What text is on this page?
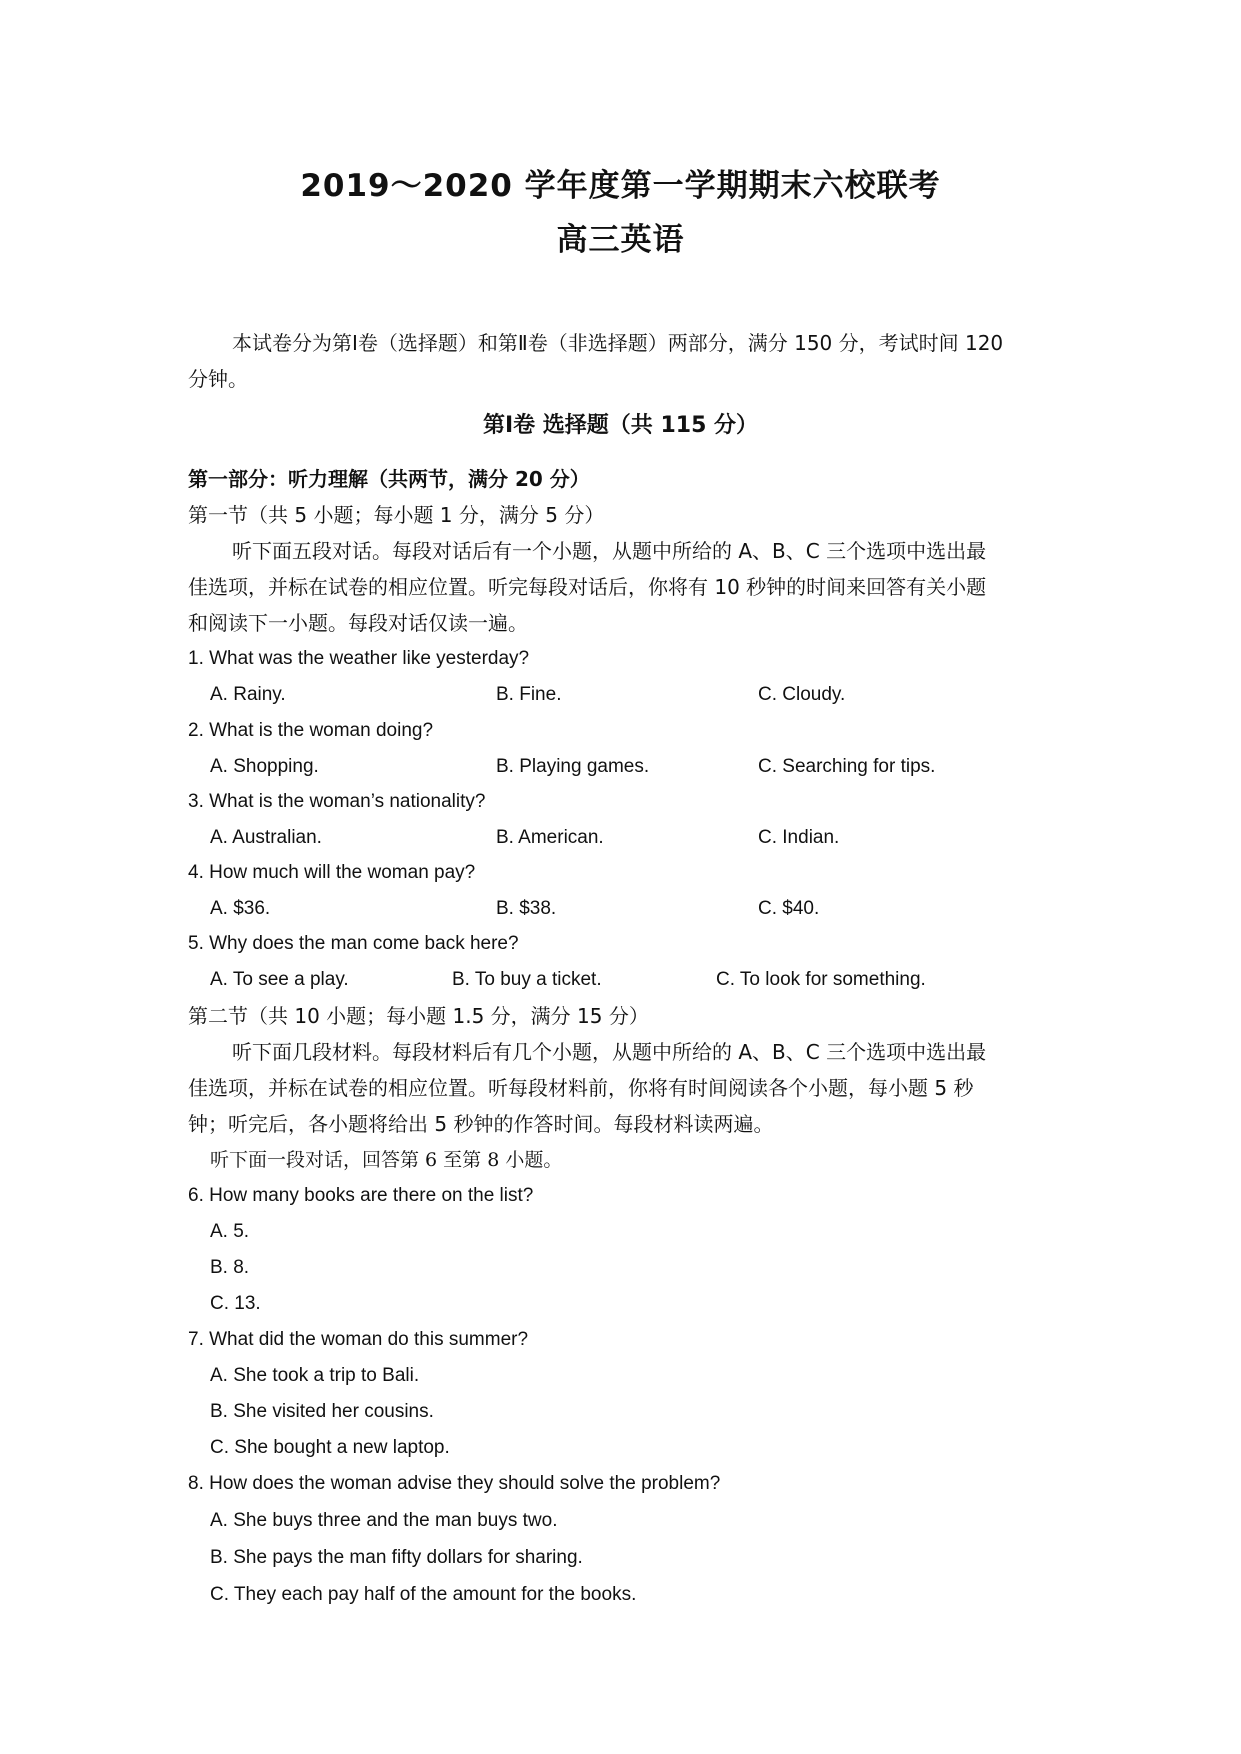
2019～2020 学年度第一学期期末六校联考
高三英语
本试卷分为第Ⅰ卷（选择题）和第Ⅱ卷（非选择题）两部分，满分 150 分，考试时间 120
分钟。
第Ⅰ卷 选择题（共 115 分）
第一部分：听力理解（共两节，满分 20 分）
第一节（共 5 小题；每小题 1 分，满分 5 分）
听下面五段对话。每段对话后有一个小题，从题中所给的 A、B、C 三个选项中选出最
佳选项，并标在试卷的相应位置。听完每段对话后，你将有 10 秒钟的时间来回答有关小题
和阅读下一小题。每段对话仅读一遍。
1. What was the weather like yesterday?
A. Rainy.	B. Fine.	C. Cloudy.
2. What is the woman doing?
A. Shopping.	B. Playing games.	C. Searching for tips.
3. What is the woman’s nationality?
A. Australian.	B. American.	C. Indian.
4. How much will the woman pay?
A. $36.	B. $38.	C. $40.
5. Why does the man come back here?
A. To see a play.	B. To buy a ticket.	C. To look for something.
第二节（共 10 小题；每小题 1.5 分，满分 15 分）
听下面几段材料。每段材料后有几个小题，从题中所给的 A、B、C 三个选项中选出最
佳选项，并标在试卷的相应位置。听每段材料前，你将有时间阅读各个小题，每小题 5 秒
钟；听完后，各小题将给出 5 秒钟的作答时间。每段材料读两遍。
听下面一段对话，回答第 6 至第 8 小题。
6. How many books are there on the list?
A. 5.
B. 8.
C. 13.
7. What did the woman do this summer?
A. She took a trip to Bali.
B. She visited her cousins.
C. She bought a new laptop.
8. How does the woman advise they should solve the problem?
A. She buys three and the man buys two.
B. She pays the man fifty dollars for sharing.
C. They each pay half of the amount for the books.
